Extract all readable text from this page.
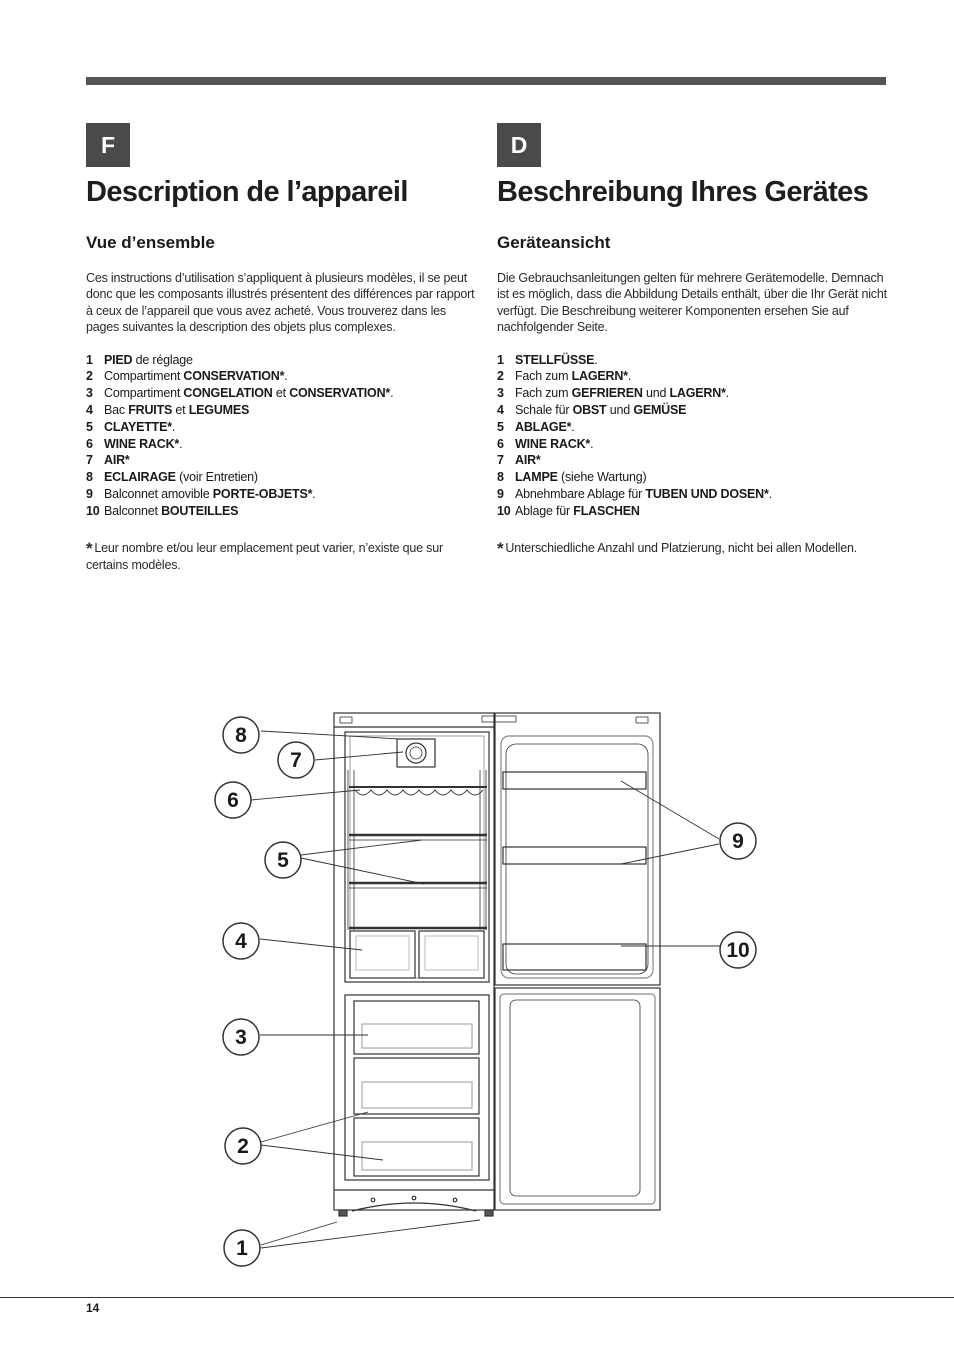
F	D
Description de l’appareil
Vue d’ensemble

Ces instructions d’utilisation s’appliquent à plusieurs modèles, il se peut donc que les composants illustrés présentent des différences par rapport à ceux de l’appareil que vous avez acheté. Vous trouverez dans les pages suivantes la description des objets plus complexes.

1 PIED de réglage
2 Compartiment CONSERVATION*.
3 Compartiment CONGELATION et CONSERVATION*.
4 Bac FRUITS et LEGUMES
5 CLAYETTE*.
6 WINE RACK*.
7 AIR*
8 ECLAIRAGE (voir Entretien)
9 Balconnet amovible PORTE-OBJETS*.
10 Balconnet BOUTEILLES

* Leur nombre et/ou leur emplacement peut varier, n’existe que sur certains modèles.

Beschreibung Ihres Gerätes
Geräteansicht

Die Gebrauchsanleitungen gelten für mehrere Gerätemodelle. Demnach ist es möglich, dass die Abbildung Details enthält, über die Ihr Gerät nicht verfügt. Die Beschreibung weiterer Komponenten ersehen Sie auf nachfolgender Seite.

1 STELLFÜSSE.
2 Fach zum LAGERN*.
3 Fach zum GEFRIEREN und LAGERN*.
4 Schale für OBST und GEMÜSE
5 ABLAGE*.
6 WINE RACK*.
7 AIR*
8 LAMPE (siehe Wartung)
9 Abnehmbare Ablage für TUBEN UND DOSEN*.
10 Ablage für FLASCHEN

* Unterschiedliche Anzahl und Platzierung, nicht bei allen Modellen.

8
7
6
5
4
3
2
1
9
10
14
